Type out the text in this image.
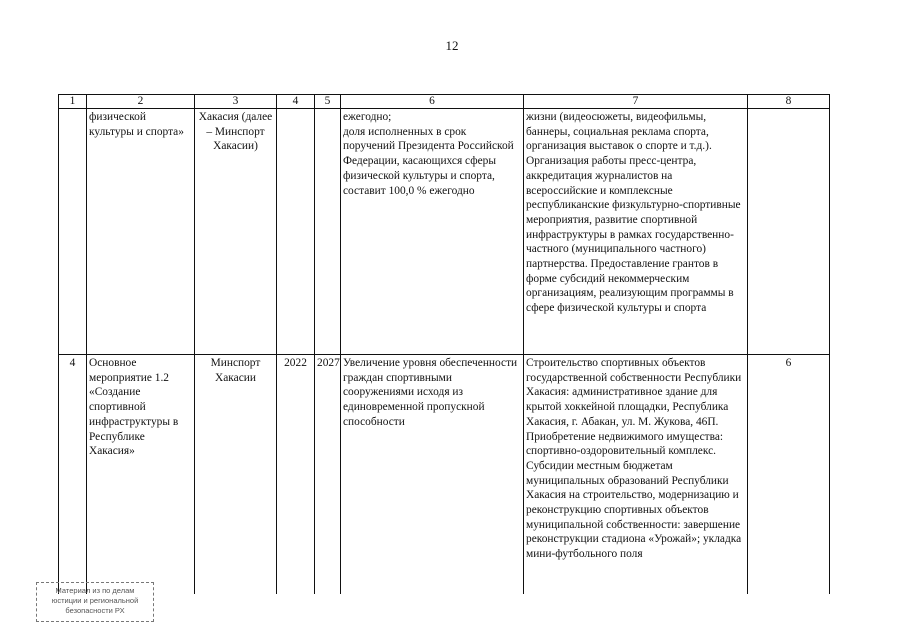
12
1	2	3	4	5	6	7	8
	физической культуры и спорта»	Хакасия (далее – Минспорт Хакасии)			ежегодно;
доля исполненных в срок поручений Президента Российской Федерации, касающихся сферы физической культуры и спорта, составит 100,0 % ежегодно	жизни (видеосюжеты, видеофильмы, баннеры, социальная реклама спорта, организация выставок о спорте и т.д.). Организация работы пресс-центра, аккредитация журналистов на всероссийские и комплексные республиканские физкультурно-спортивные мероприятия, развитие спортивной инфраструктуры в рамках государственно-частного (муниципального частного) партнерства. Предоставление грантов в форме субсидий некоммерческим организациям, реализующим программы в сфере физической культуры и спорта	
4	Основное мероприятие 1.2 «Создание спортивной инфраструктуры в Республике Хакасия»	Минспорт Хакасии	2022	2027	Увеличение уровня обеспеченности граждан спортивными сооружениями исходя из единовременной пропускной способности	Строительство спортивных объектов государственной собственности Республики Хакасия: административное здание для крытой хоккейной площадки, Республика Хакасия, г. Абакан, ул. М. Жукова, 46П. Приобретение недвижимого имущества: спортивно-оздоровительный комплекс. Субсидии местным бюджетам муниципальных образований Республики Хакасия на строительство, модернизацию и реконструкцию спортивных объектов муниципальной собственности: завершение реконструкции стадиона «Урожай»; укладка мини-футбольного поля	6
Материал из по делам
юстиции и региональной
безопасности РХ
